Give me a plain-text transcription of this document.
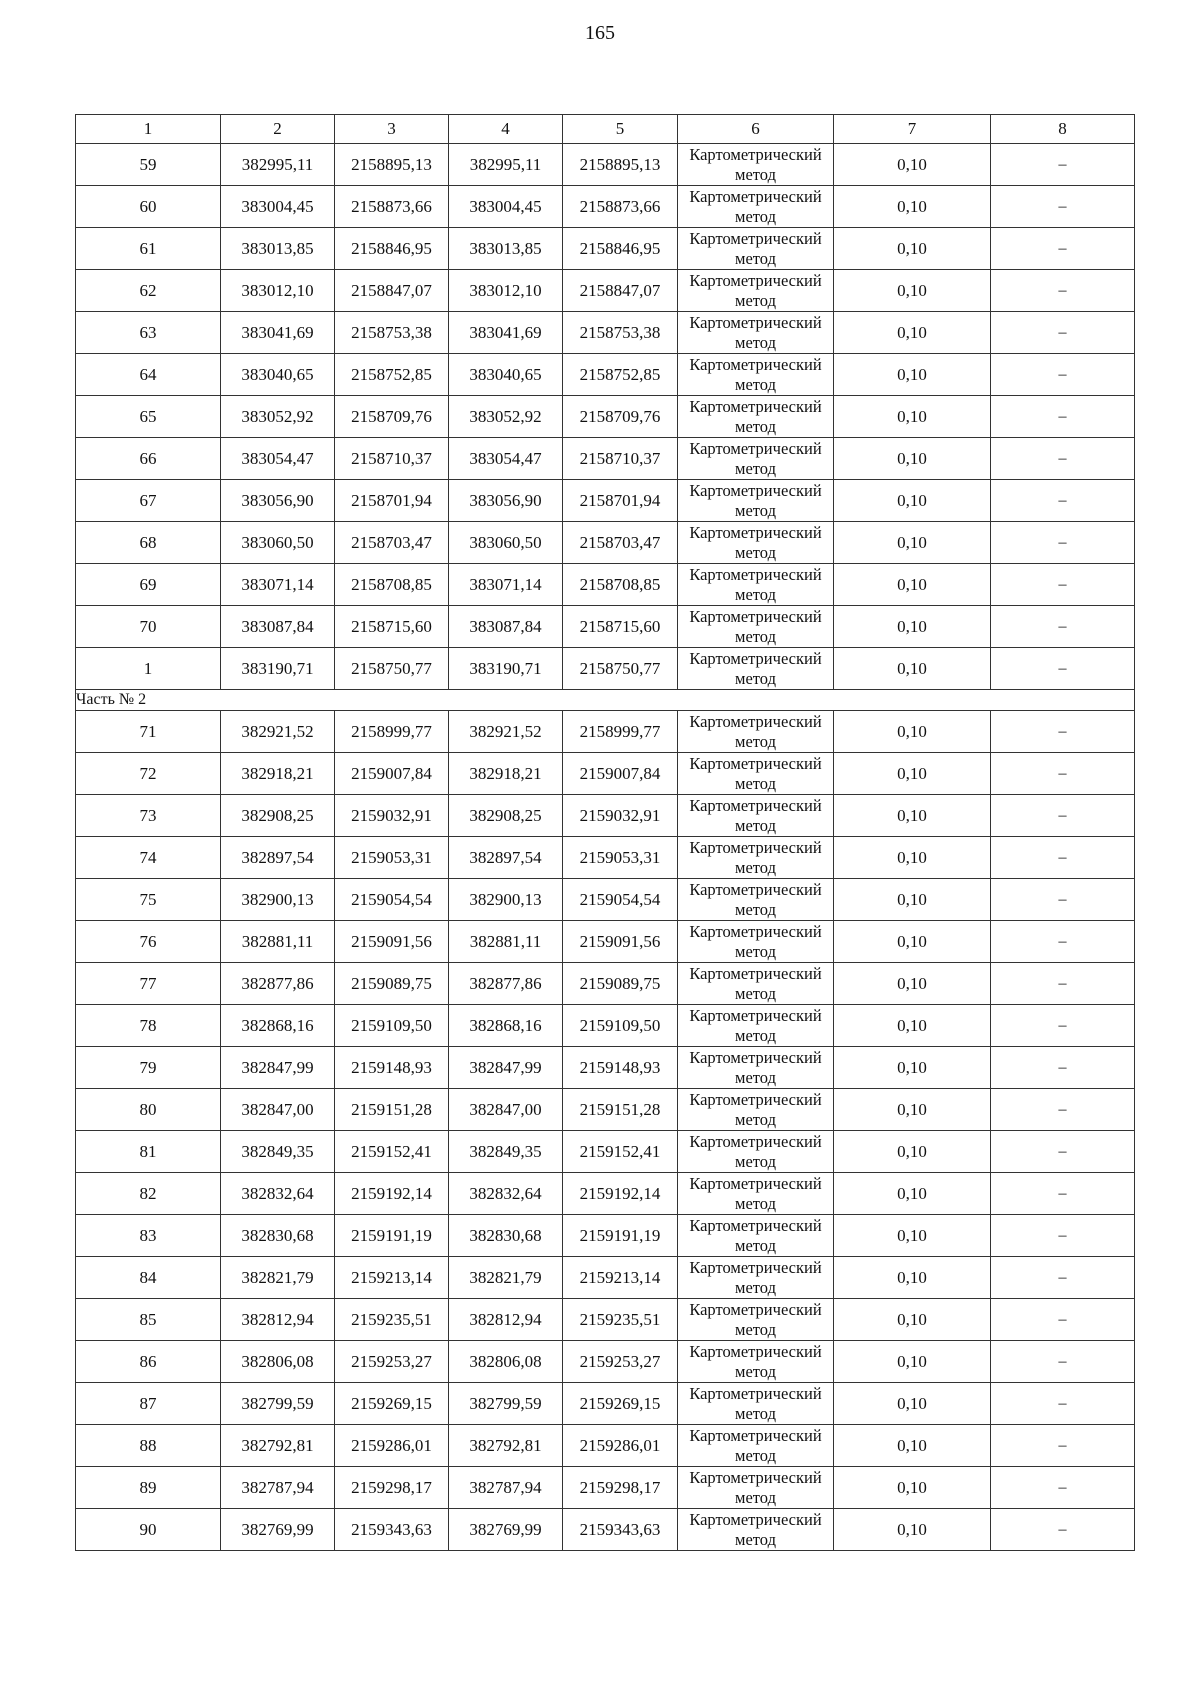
165
1	2	3	4	5	6	7	8
59	382995,11	2158895,13	382995,11	2158895,13	Картометрический
метод	0,10	–
60	383004,45	2158873,66	383004,45	2158873,66	Картометрический
метод	0,10	–
61	383013,85	2158846,95	383013,85	2158846,95	Картометрический
метод	0,10	–
62	383012,10	2158847,07	383012,10	2158847,07	Картометрический
метод	0,10	–
63	383041,69	2158753,38	383041,69	2158753,38	Картометрический
метод	0,10	–
64	383040,65	2158752,85	383040,65	2158752,85	Картометрический
метод	0,10	–
65	383052,92	2158709,76	383052,92	2158709,76	Картометрический
метод	0,10	–
66	383054,47	2158710,37	383054,47	2158710,37	Картометрический
метод	0,10	–
67	383056,90	2158701,94	383056,90	2158701,94	Картометрический
метод	0,10	–
68	383060,50	2158703,47	383060,50	2158703,47	Картометрический
метод	0,10	–
69	383071,14	2158708,85	383071,14	2158708,85	Картометрический
метод	0,10	–
70	383087,84	2158715,60	383087,84	2158715,60	Картометрический
метод	0,10	–
1	383190,71	2158750,77	383190,71	2158750,77	Картометрический
метод	0,10	–
Часть № 2							
71	382921,52	2158999,77	382921,52	2158999,77	Картометрический
метод	0,10	–
72	382918,21	2159007,84	382918,21	2159007,84	Картометрический
метод	0,10	–
73	382908,25	2159032,91	382908,25	2159032,91	Картометрический
метод	0,10	–
74	382897,54	2159053,31	382897,54	2159053,31	Картометрический
метод	0,10	–
75	382900,13	2159054,54	382900,13	2159054,54	Картометрический
метод	0,10	–
76	382881,11	2159091,56	382881,11	2159091,56	Картометрический
метод	0,10	–
77	382877,86	2159089,75	382877,86	2159089,75	Картометрический
метод	0,10	–
78	382868,16	2159109,50	382868,16	2159109,50	Картометрический
метод	0,10	–
79	382847,99	2159148,93	382847,99	2159148,93	Картометрический
метод	0,10	–
80	382847,00	2159151,28	382847,00	2159151,28	Картометрический
метод	0,10	–
81	382849,35	2159152,41	382849,35	2159152,41	Картометрический
метод	0,10	–
82	382832,64	2159192,14	382832,64	2159192,14	Картометрический
метод	0,10	–
83	382830,68	2159191,19	382830,68	2159191,19	Картометрический
метод	0,10	–
84	382821,79	2159213,14	382821,79	2159213,14	Картометрический
метод	0,10	–
85	382812,94	2159235,51	382812,94	2159235,51	Картометрический
метод	0,10	–
86	382806,08	2159253,27	382806,08	2159253,27	Картометрический
метод	0,10	–
87	382799,59	2159269,15	382799,59	2159269,15	Картометрический
метод	0,10	–
88	382792,81	2159286,01	382792,81	2159286,01	Картометрический
метод	0,10	–
89	382787,94	2159298,17	382787,94	2159298,17	Картометрический
метод	0,10	–
90	382769,99	2159343,63	382769,99	2159343,63	Картометрический
метод	0,10	–
